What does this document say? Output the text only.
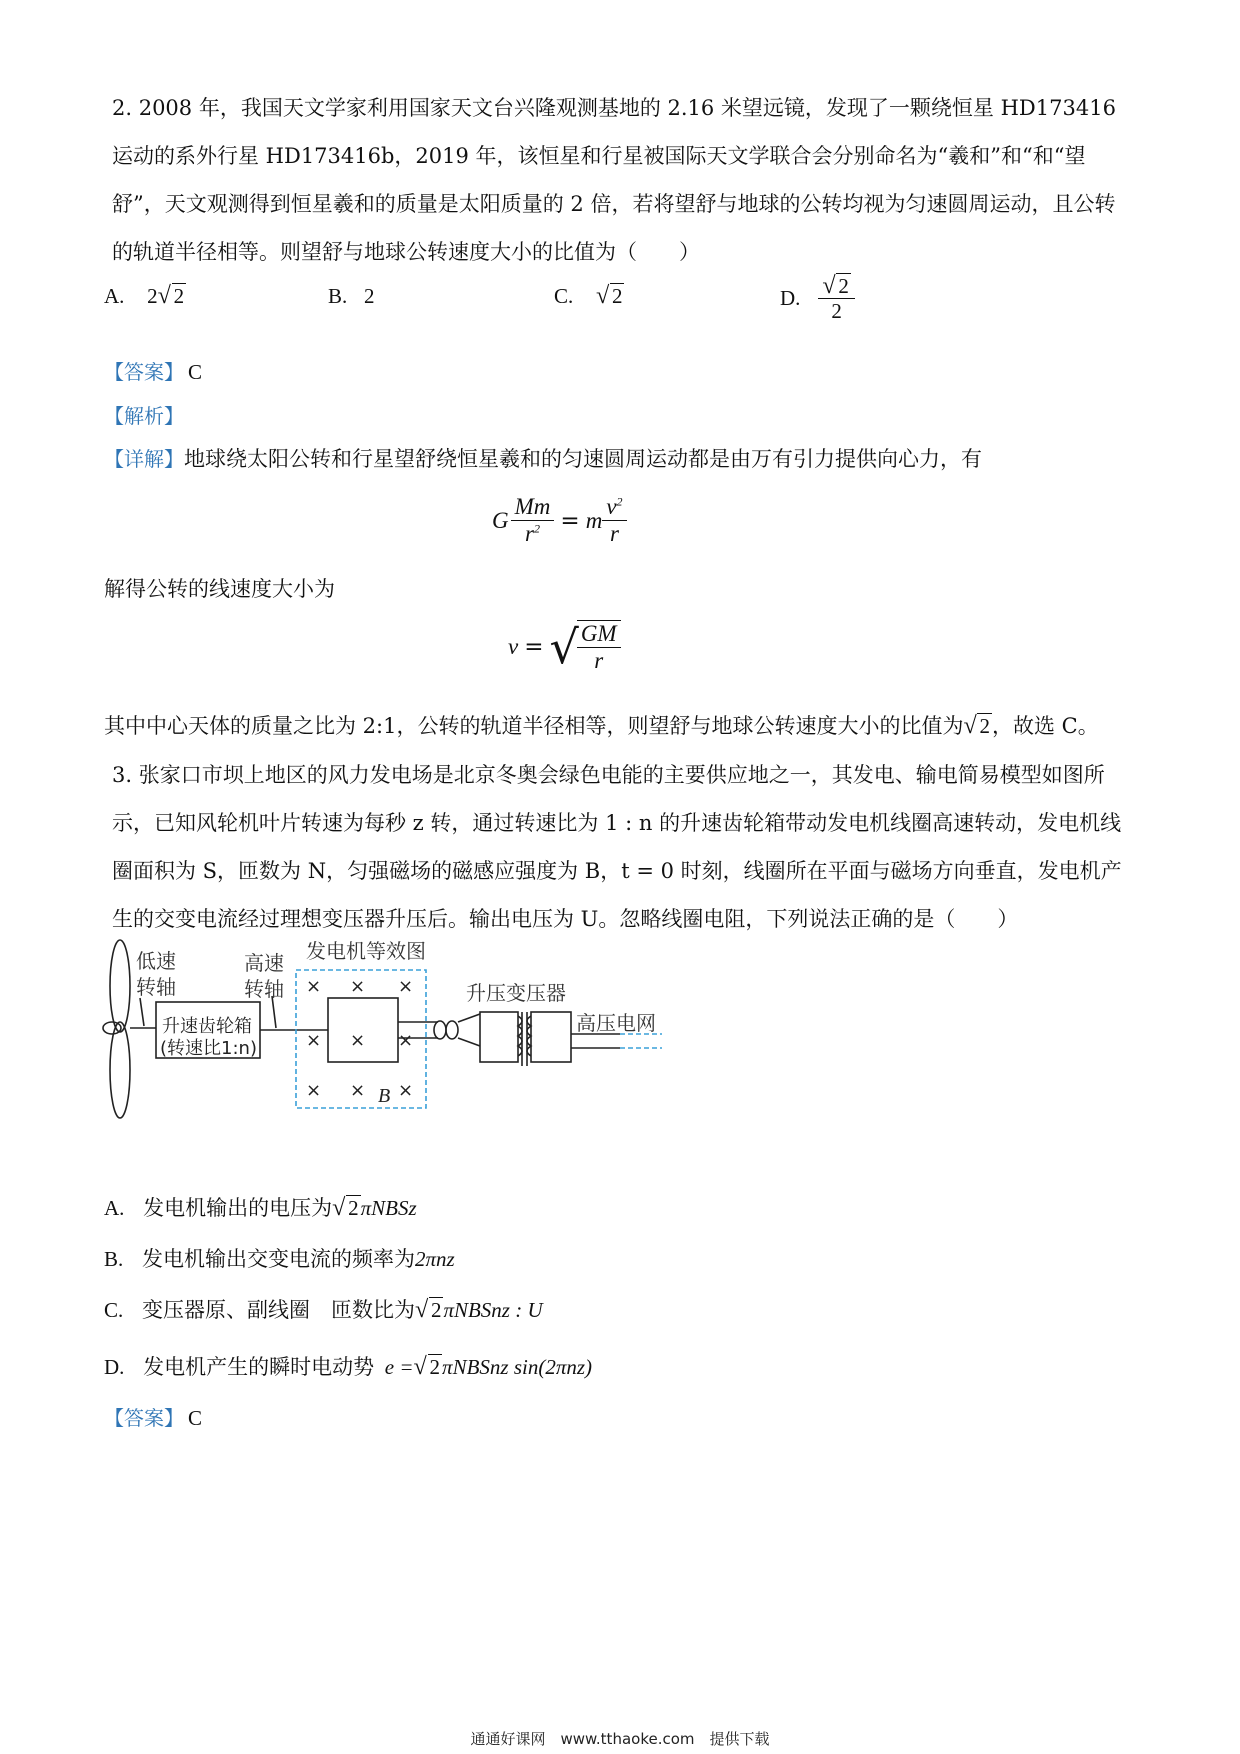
2. 2008 年，我国天文学家利用国家天文台兴隆观测基地的 2.16 米望远镜，发现了一颗绕恒星 HD173416 运动的系外行星 HD173416b，2019 年，该恒星和行星被国际天文学联合会分别命名为“羲和”和“和“望舒”，天文观测得到恒星羲和的质量是太阳质量的 2 倍，若将望舒与地球的公转均视为匀速圆周运动，且公转的轨道半径相等。则望舒与地球公转速度大小的比值为（　　）

A. 2 √ 2	B. 2	C. √ 2	D. $\frac{√ 2}{2}$
【答案】 C
【解析】
【详解】地球绕太阳公转和行星望舒绕恒星羲和的匀速圆周运动都是由万有引力提供向心力，有
G $\frac{Mm}{r^2} = m \frac{v^2}{r}$
解得公转的线速度大小为
v = √
$\frac{GM}{r}$
其中中心天体的质量之比为 2:1，公转的轨道半径相等，则望舒与地球公转速度大小的比值为 √ 2，故选 C。

3. 张家口市坝上地区的风力发电场是北京冬奥会绿色电能的主要供应地之一，其发电、输电简易模型如图所示，已知风轮机叶片转速为每秒 z 转，通过转速比为 1 : n 的升速齿轮箱带动发电机线圈高速转动，发电机线圈面积为 S，匝数为 N，匀强磁场的磁感应强度为 B，t = 0 时刻，线圈所在平面与磁场方向垂直，发电机产生的交变电流经过理想变压器升压后。输出电压为 U。忽略线圈电阻，下列说法正确的是（　　）

× × ×
× × ×
× × ×
低速
转轴
高速
转轴
发电机等效图
升压变压器
高压电网
升速齿轮箱
(转速比1:n)
B
A. 发电机输出的电压为 √ 2πNBSz
B. 发电机输出交变电流的频率为2πnz
C. 变压器原、副线圈　匝数比为 √ 2πNBSnz : U
D. 发电机产生的瞬时电动势 e = √ 2πNBSnz sin(2πnz)
【答案】 C
通通好课网　www.tthaoke.com　提供下载
